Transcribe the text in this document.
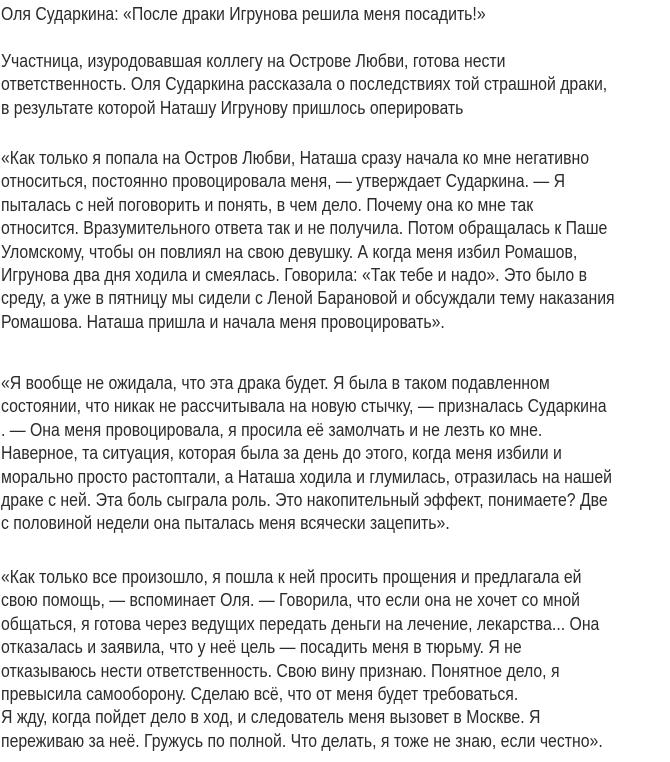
Оля Сударкина: «После драки Игрунова решила меня посадить!»
Участница, изуродовавшая коллегу на Острове Любви, готова нести
ответственность. Оля Сударкина рассказала о последствиях той страшной драки,
в результате которой Наташу Игрунову пришлось оперировать
«Как только я попала на Остров Любви, Наташа сразу начала ко мне негативно
относиться, постоянно провоцировала меня, — утверждает Сударкина. — Я
пыталась с ней поговорить и понять, в чем дело. Почему она ко мне так
относится. Вразумительного ответа так и не получила. Потом обращалась к Паше
Уломскому, чтобы он повлиял на свою девушку. А когда меня избил Ромашов,
Игрунова два дня ходила и смеялась. Говорила: «Так тебе и надо». Это было в
среду, а уже в пятницу мы сидели с Леной Барановой и обсуждали тему наказания
Ромашова. Наташа пришла и начала меня провоцировать».
«Я вообще не ожидала, что эта драка будет. Я была в таком подавленном
состоянии, что никак не рассчитывала на новую стычку, — призналась Сударкина
. — Она меня провоцировала, я просила её замолчать и не лезть ко мне.
Наверное, та ситуация, которая была за день до этого, когда меня избили и
морально просто растоптали, а Наташа ходила и глумилась, отразилась на нашей
драке с ней. Эта боль сыграла роль. Это накопительный эффект, понимаете? Две
с половиной недели она пыталась меня всячески зацепить».
«Как только все произошло, я пошла к ней просить прощения и предлагала ей
свою помощь, — вспоминает Оля. — Говорила, что если она не хочет со мной
общаться, я готова через ведущих передать деньги на лечение, лекарства... Она
отказалась и заявила, что у неё цель — посадить меня в тюрьму. Я не
отказываюсь нести ответственность. Свою вину признаю. Понятное дело, я
превысила самооборону. Сделаю всё, что от меня будет требоваться.
Я жду, когда пойдет дело в ход, и следователь меня вызовет в Москве. Я
переживаю за неё. Гружусь по полной. Что делать, я тоже не знаю, если честно».
